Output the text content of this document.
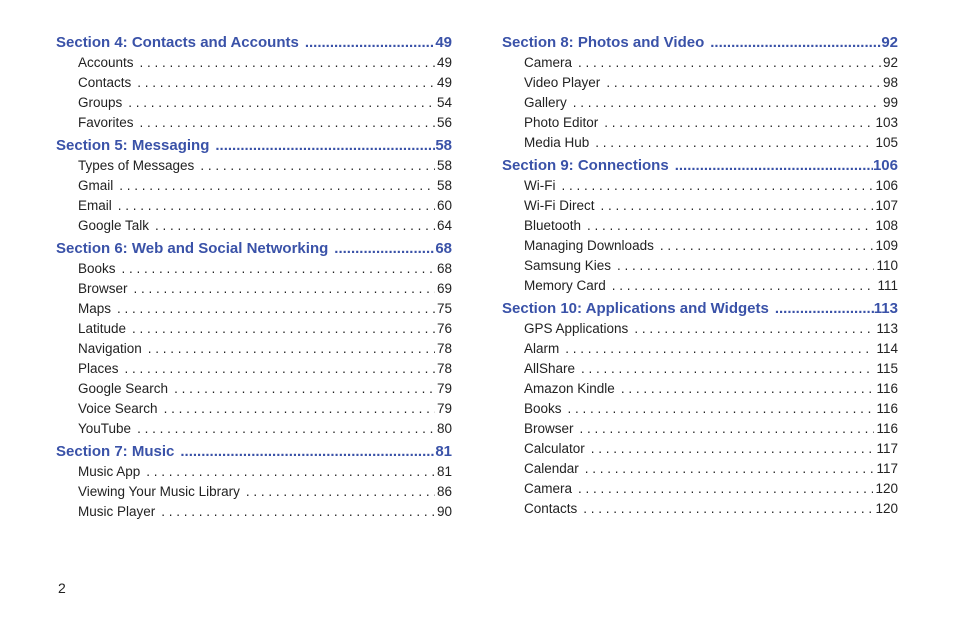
Section 4: Contacts and Accounts .....	49
Accounts . . .	49
Contacts . . .	49
Groups . . .	54
Favorites . . .	56
Section 5: Messaging .....	58
Types of Messages . . .	58
Gmail . . .	58
Email . . .	60
Google Talk . . .	64
Section 6: Web and Social Networking .....	68
Books . . .	68
Browser . . .	69
Maps . . .	75
Latitude . . .	76
Navigation . . .	78
Places . . .	78
Google Search . . .	79
Voice Search . . .	79
YouTube . . .	80
Section 7: Music .....	81
Music App . . .	81
Viewing Your Music Library . . .	86
Music Player . . .	90
Section 8: Photos and Video .....	92
Camera . . .	92
Video Player . . .	98
Gallery . . .	99
Photo Editor . . .	103
Media Hub . . .	105
Section 9: Connections .....	106
Wi-Fi . . .	106
Wi-Fi Direct . . .	107
Bluetooth . . .	108
Managing Downloads . . .	109
Samsung Kies . . .	110
Memory Card . . .	111
Section 10: Applications and Widgets .....	113
GPS Applications . . .	113
Alarm . . .	114
AllShare . . .	115
Amazon Kindle . . .	116
Books . . .	116
Browser . . .	116
Calculator . . .	117
Calendar . . .	117
Camera . . .	120
Contacts . . .	120
2
